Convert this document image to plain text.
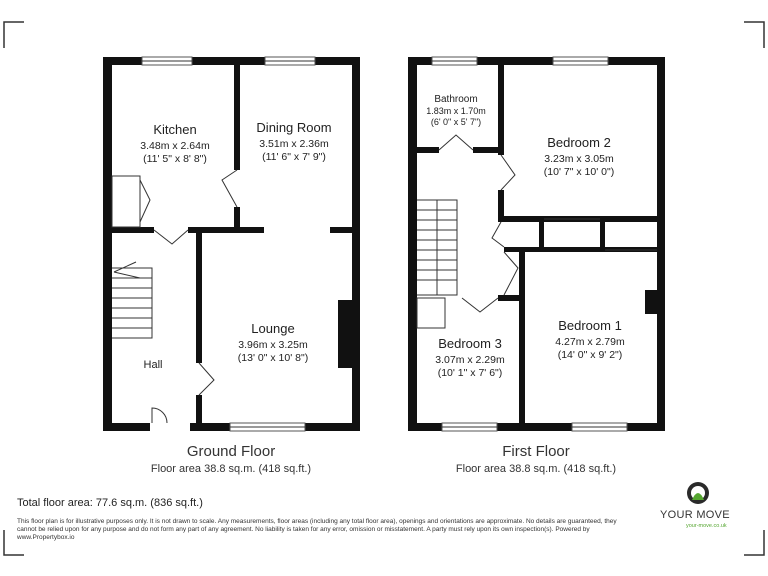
Kitchen
3.48m x 2.64m
(11' 5" x 8' 8")
Dining Room
3.51m x 2.36m
(11' 6" x 7' 9")
Lounge
3.96m x 3.25m
(13' 0" x 10' 8")
Hall
Ground Floor
Floor area 38.8 sq.m. (418 sq.ft.)
Bathroom
1.83m x 1.70m
(6' 0" x 5' 7")
Bedroom 2
3.23m x 3.05m
(10' 7" x 10' 0")
Bedroom 3
3.07m x 2.29m
(10' 1" x 7' 6")
Bedroom 1
4.27m x 2.79m
(14' 0" x 9' 2")
First Floor
Floor area 38.8 sq.m. (418 sq.ft.)
Total floor area: 77.6 sq.m. (836 sq.ft.)
This floor plan is for illustrative purposes only. It is not drawn to scale. Any measurements, floor areas (including any total floor area), openings and orientations are approximate. No details are guaranteed, they cannot be relied upon for any purpose and do not form any part of any agreement. No liability is taken for any error, omission or misstatement. A party must rely upon its own inspection(s). Powered by www.Propertybox.io
YOUR MOVE
your-move.co.uk
